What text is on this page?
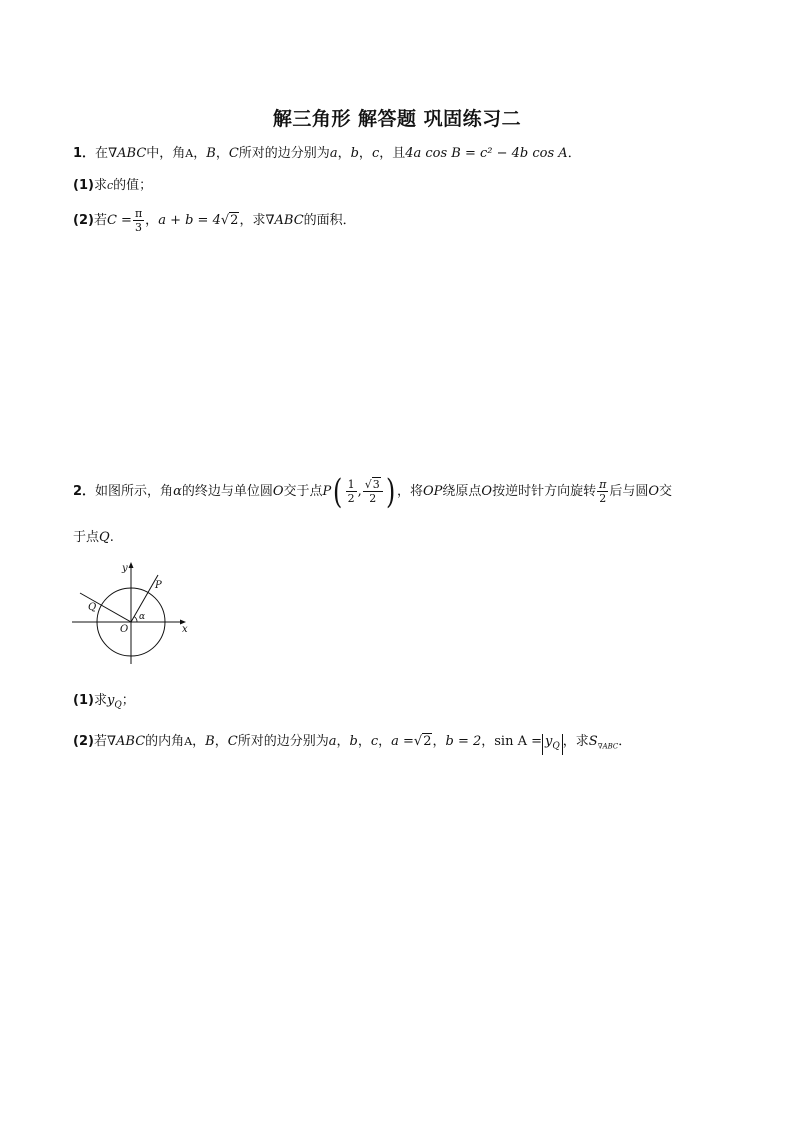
解三角形 解答题 巩固练习二
1．在∇ABC中，角A，B，C所对的边分别为a，b，c，且4a cos B = c² − 4b cos A．
(1)求c的值；
(2)若$C = \frac{\pi}{3}$ ，a + b = 4√2，求∇ABC的面积．
2．如图所示，角α的终边与单位圆O交于点$P( \frac{1}{2}$ , $\frac{√3}{2}$ ) ，将OP绕原点O按逆时针方向旋转 $\frac{\pi}{2}$ 后与圆O交
于点Q.
y
x
O
P
Q
α
(1)求$y_Q$；
(2)若∇ABC的内角A，B，C所对的边分别为a，b，c，a =√2，b = 2，$\sin A = y_Q$ ，求$S_{\nabla ABC}$．
